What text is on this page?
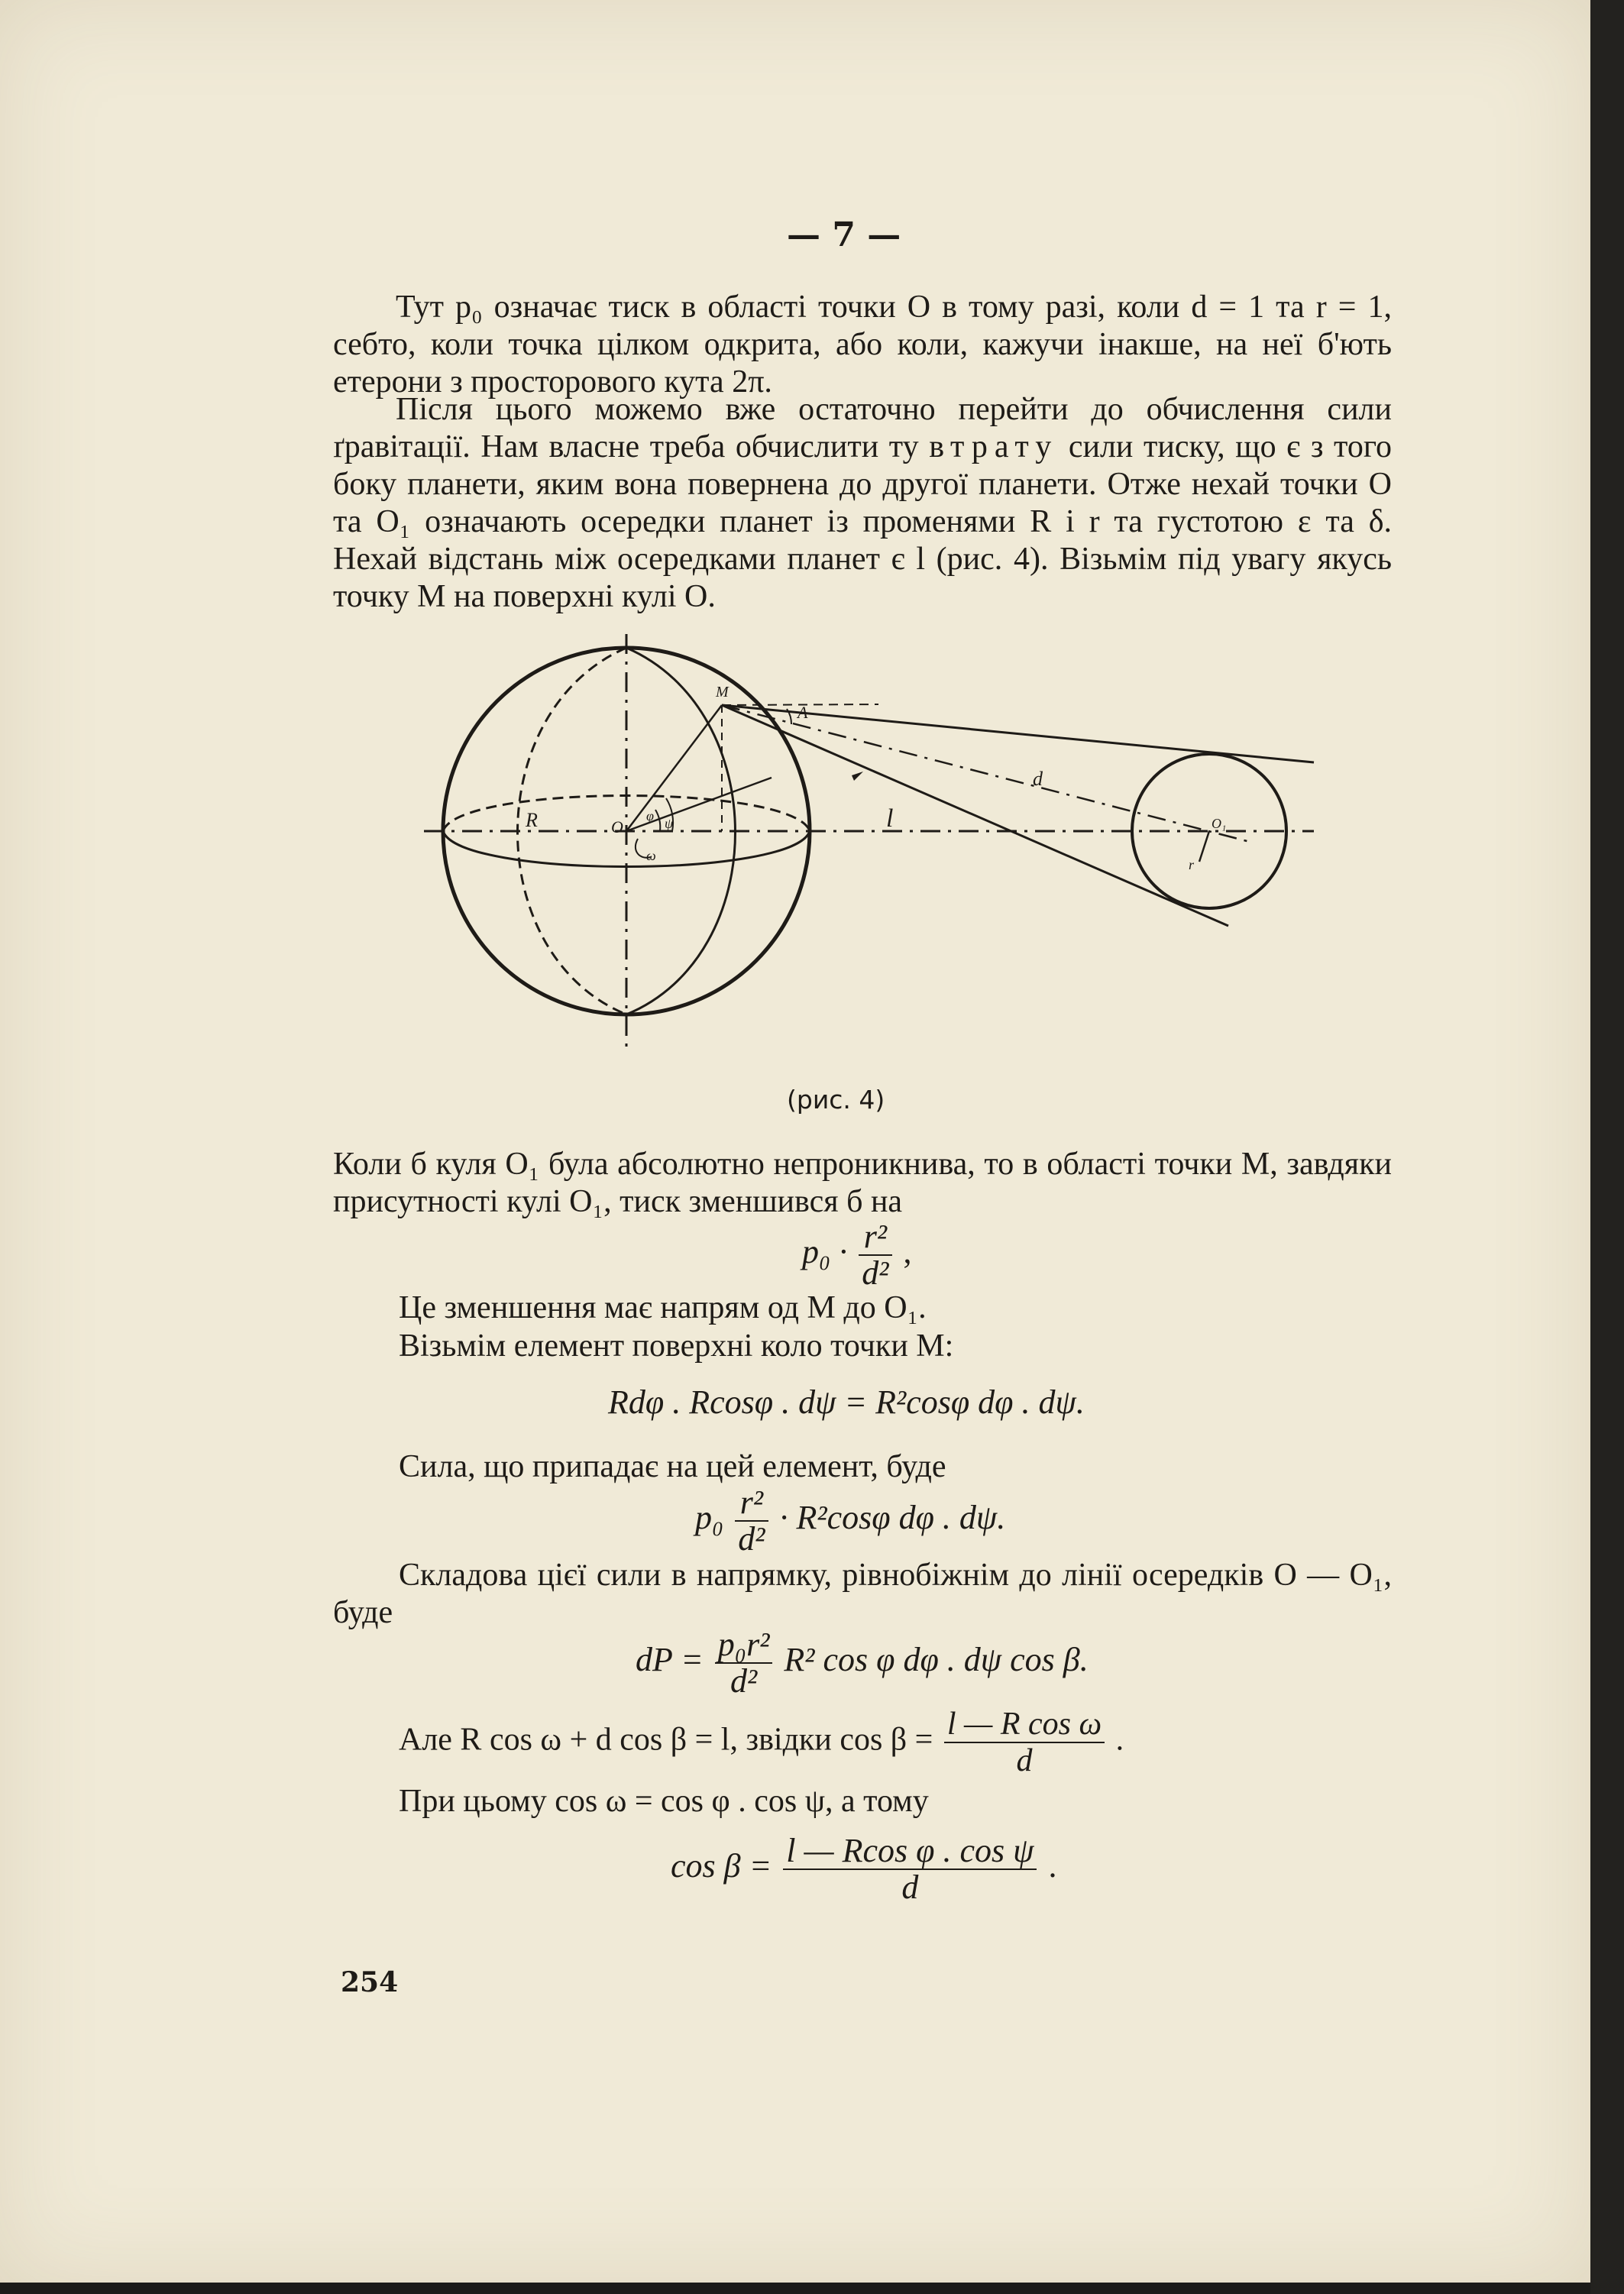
— 7 —

Тут p₀ означає тиск в області точки O в тому разі, коли d = 1 та r = 1, себто, коли точка цілком одкрита, або коли, кажучи інакше, на неї б'ють етерони з просторового кута 2π.

Після цього можемо вже остаточно перейти до обчислення сили ґравітації. Нам власне треба обчислити ту втрату сили тиску, що є з того боку планети, яким вона повернена до другої планети. Отже нехай точки O та O₁ означають осередки планет із променями R і r та густотою ε та δ. Нехай відстань між осередками планет є l (рис. 4). Візьмім під увагу якусь точку M на поверхні кулі O.

M
A
d
R	O
φ ψ
ω
l	O₁
r
(рис. 4)

Коли б куля O₁ була абсолютно непроникнива, то в області точки M, завдяки присутності кулі O₁, тиск зменшився б на

$p_0 \cdot \frac{\text{r²}}{\text{d²}}$ ,
Це зменшення має напрям од M до O₁.
Візьмім елемент поверхні коло точки M:
Rdφ . Rcosφ . dψ = R²cosφ dφ . dψ.
Сила, що припадає на цей елемент, буде
$p_0 \frac{\text{r²}}{\text{d²}} \cdot R^2\cos\varphi$ dφ . dψ.

Складова цієї сили в напрямку, рівнобіжнім до лінії осередків O — O₁, буде

dP = $\frac{\text{p₀r²}}{\text{d²}} R^2$ cos φ dφ . dψ cos β.
Але R cos ω + d cos β = l, звідки $\cos \beta = \frac{\text{l — R cos ω}}{d}$ .
При цьому cos ω = cos φ . cos ψ, а тому
$\cos \beta = \frac{\text{l — Rcos φ . cos ψ}}{d}$ .
254
